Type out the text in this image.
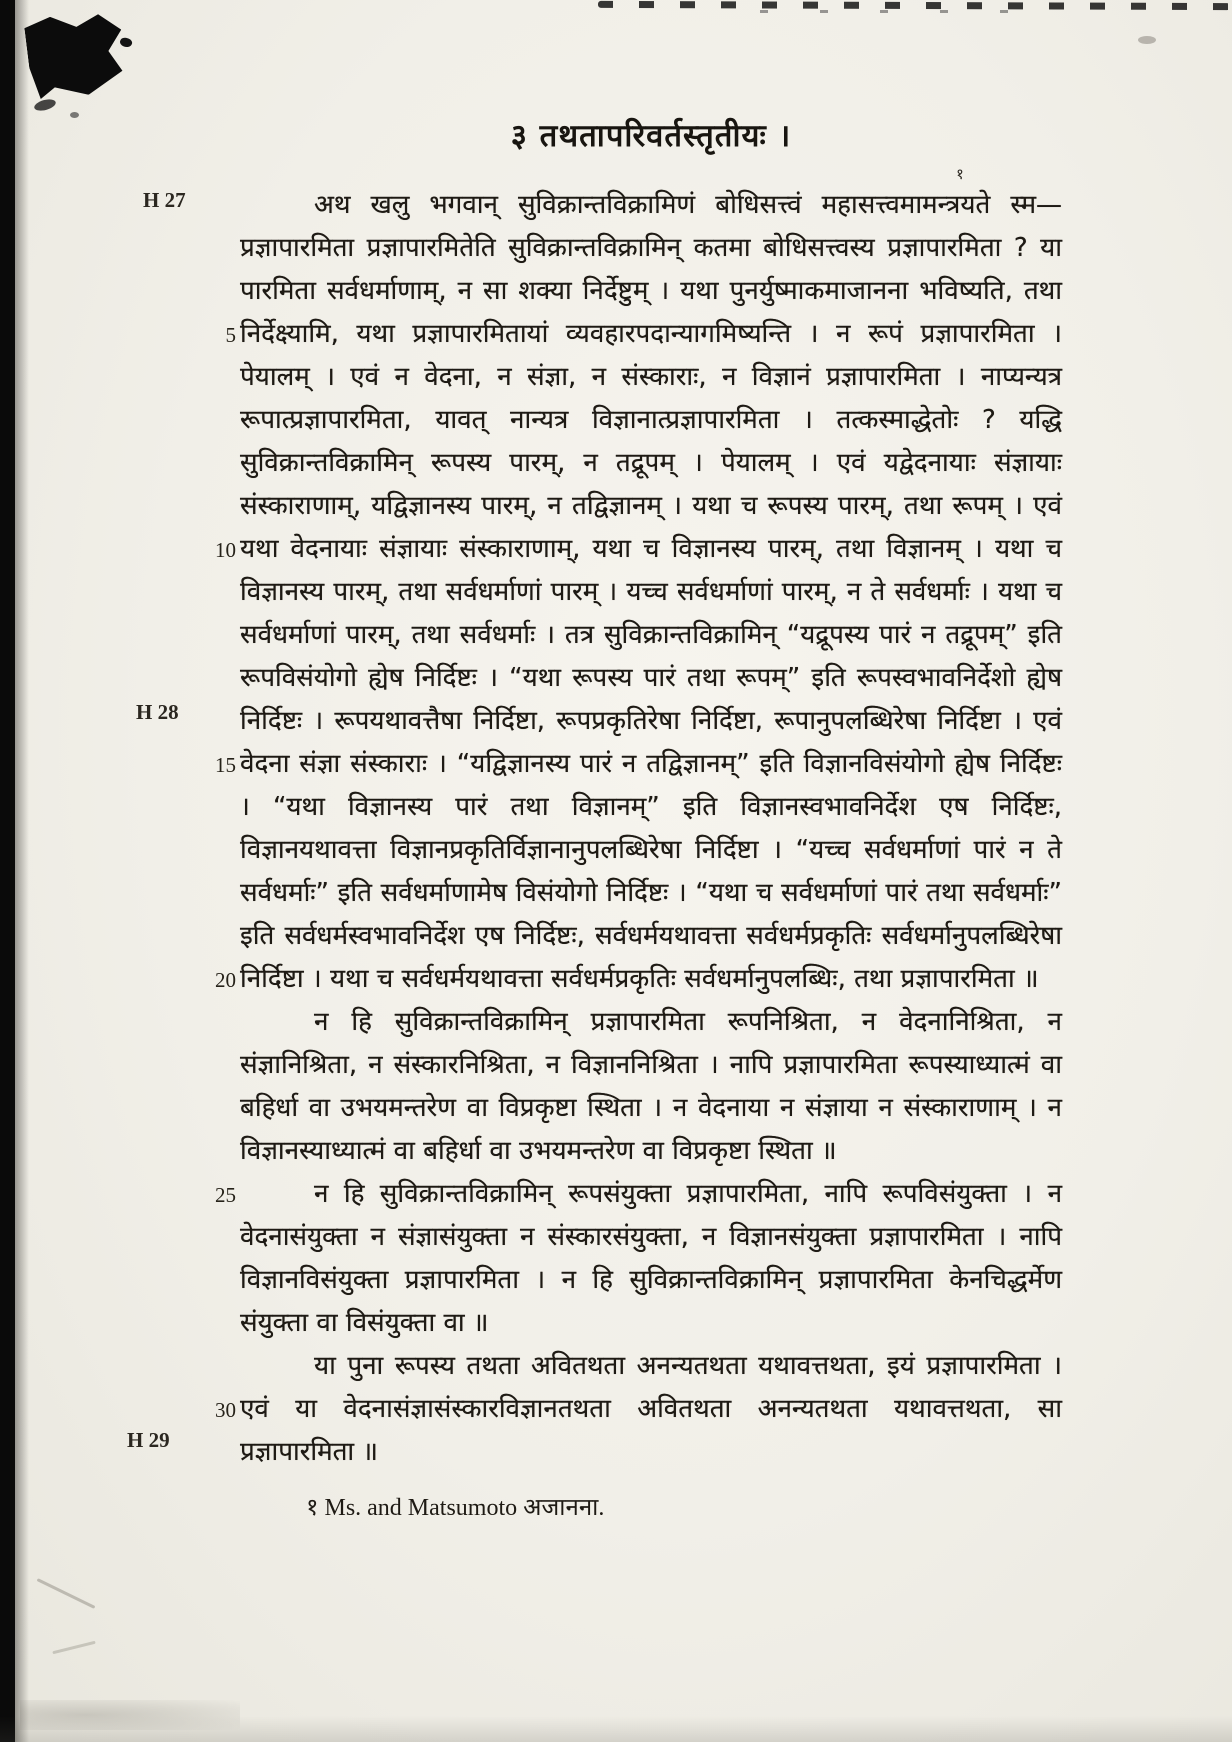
३ तथतापरिवर्तस्तृतीयः ।
H 27
H 28
H 29
5
10
15
20
25
30
१

अथ खलु भगवान् सुविक्रान्तविक्रामिणं बोधिसत्त्वं महासत्त्वमामन्त्रयते स्म—प्रज्ञापारमिता प्रज्ञापारमितेति सुविक्रान्तविक्रामिन् कतमा बोधिसत्त्वस्य प्रज्ञापारमिता ? या पारमिता सर्वधर्माणाम्, न सा शक्या निर्देष्टुम् । यथा पुनर्युष्माकमाजानना भविष्यति, तथा निर्देक्ष्यामि, यथा प्रज्ञापारमितायां व्यवहारपदान्यागमिष्यन्ति । न रूपं प्रज्ञापारमिता । पेयालम् । एवं न वेदना, न संज्ञा, न संस्काराः, न विज्ञानं प्रज्ञापारमिता । नाप्यन्यत्र रूपात्प्रज्ञापारमिता, यावत् नान्यत्र विज्ञानात्प्रज्ञापारमिता । तत्कस्माद्धेतोः ? यद्धि सुविक्रान्तविक्रामिन् रूपस्य पारम्, न तद्रूपम् । पेयालम् । एवं यद्वेदनायाः संज्ञायाः संस्काराणाम्, यद्विज्ञानस्य पारम्, न तद्विज्ञानम् । यथा च रूपस्य पारम्, तथा रूपम् । एवं यथा वेदनायाः संज्ञायाः संस्काराणाम्, यथा च विज्ञानस्य पारम्, तथा विज्ञानम् । यथा च विज्ञानस्य पारम्, तथा सर्वधर्माणां पारम् । यच्च सर्वधर्माणां पारम्, न ते सर्वधर्माः । यथा च सर्वधर्माणां पारम्, तथा सर्वधर्माः । तत्र सुविक्रान्तविक्रामिन् “यद्रूपस्य पारं न तद्रूपम्” इति रूपविसंयोगो ह्येष निर्दिष्टः । “यथा रूपस्य पारं तथा रूपम्” इति रूपस्वभावनिर्देशो ह्येष निर्दिष्टः । रूपयथावत्तैषा निर्दिष्टा, रूपप्रकृतिरेषा निर्दिष्टा, रूपानुपलब्धिरेषा निर्दिष्टा । एवं वेदना संज्ञा संस्काराः । “यद्विज्ञानस्य पारं न तद्विज्ञानम्” इति विज्ञानविसंयोगो ह्येष निर्दिष्टः । “यथा विज्ञानस्य पारं तथा विज्ञानम्” इति विज्ञानस्वभावनिर्देश एष निर्दिष्टः, विज्ञानयथावत्ता विज्ञानप्रकृतिर्विज्ञानानुपलब्धिरेषा निर्दिष्टा । “यच्च सर्वधर्माणां पारं न ते सर्वधर्माः” इति सर्वधर्माणामेष विसंयोगो निर्दिष्टः । “यथा च सर्वधर्माणां पारं तथा सर्वधर्माः” इति सर्वधर्मस्वभावनिर्देश एष निर्दिष्टः, सर्वधर्मयथावत्ता सर्वधर्मप्रकृतिः सर्वधर्मानुपलब्धिरेषा निर्दिष्टा । यथा च सर्वधर्मयथावत्ता सर्वधर्मप्रकृतिः सर्वधर्मानुपलब्धिः, तथा प्रज्ञापारमिता ॥

न हि सुविक्रान्तविक्रामिन् प्रज्ञापारमिता रूपनिश्रिता, न वेदनानिश्रिता, न संज्ञानिश्रिता, न संस्कारनिश्रिता, न विज्ञाननिश्रिता । नापि प्रज्ञापारमिता रूपस्याध्यात्मं वा बहिर्धा वा उभयमन्तरेण वा विप्रकृष्टा स्थिता । न वेदनाया न संज्ञाया न संस्काराणाम् । न विज्ञानस्याध्यात्मं वा बहिर्धा वा उभयमन्तरेण वा विप्रकृष्टा स्थिता ॥

न हि सुविक्रान्तविक्रामिन् रूपसंयुक्ता प्रज्ञापारमिता, नापि रूपविसंयुक्ता । न वेदनासंयुक्ता न संज्ञासंयुक्ता न संस्कारसंयुक्ता, न विज्ञानसंयुक्ता प्रज्ञापारमिता । नापि विज्ञानविसंयुक्ता प्रज्ञापारमिता । न हि सुविक्रान्तविक्रामिन् प्रज्ञापारमिता केनचिद्धर्मेण संयुक्ता वा विसंयुक्ता वा ॥

या पुना रूपस्य तथता अवितथता अनन्यतथता यथावत्तथता, इयं प्रज्ञापारमिता । एवं या वेदनासंज्ञासंस्कारविज्ञानतथता अवितथता अनन्यतथता यथावत्तथता, सा प्रज्ञापारमिता ॥

१ Ms. and Matsumoto अजानना.
